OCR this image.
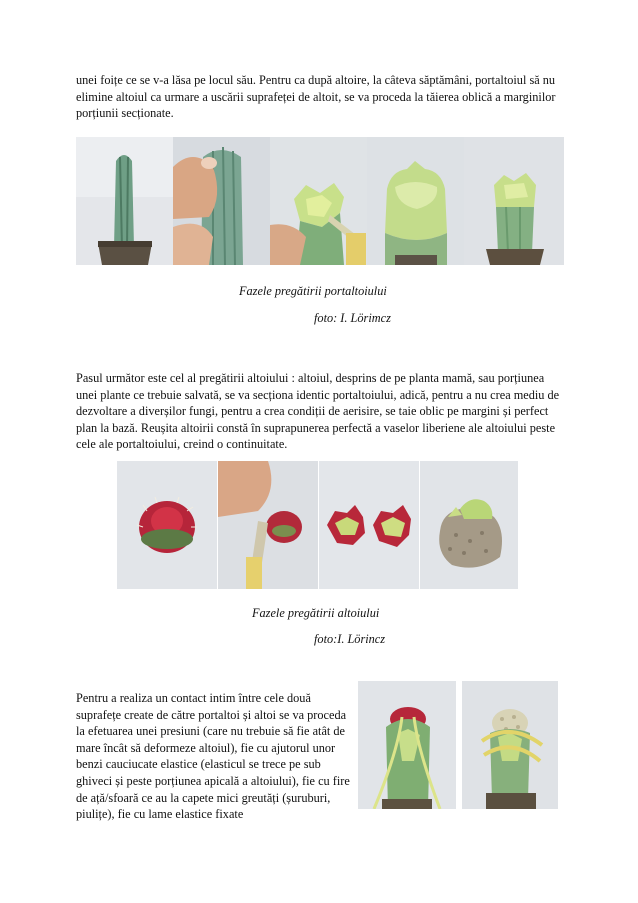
unei foițe ce se v-a lăsa pe locul său. Pentru ca după altoire, la câteva săptămâni, portaltoiul să nu elimine altoiul ca urmare a uscării suprafeței de altoit, se va proceda la tăierea oblică a marginilor porțiunii secționate.

Fazele pregătirii portaltoiului

foto: I. Lörimcz

Pasul următor este cel al pregătirii altoiului : altoiul, desprins de pe planta mamă, sau porțiunea unei plante ce trebuie salvată, se va secționa identic portaltoiului, adică, pentru a nu crea mediu de dezvoltare a diverșilor fungi, pentru a crea condiții de aerisire, se taie oblic pe margini și perfect plan la bază. Reușita altoirii constă în suprapunerea perfectă a vaselor liberiene ale altoiului peste cele ale portaltoiului, creind o continuitate.

Fazele pregătirii altoiului

foto:I. Lörincz

Pentru a realiza un contact intim între cele două suprafețe create de către portaltoi și altoi se va proceda la efetuarea unei presiuni (care nu trebuie să fie atât de mare încât să deformeze altoiul), fie cu ajutorul unor benzi cauciucate elastice (elasticul se trece pe sub ghiveci și peste porțiunea apicală a altoiului), fie cu fire de ață/sfoară ce au la capete mici greutăți (șuruburi, piulițe), fie cu lame elastice fixate
